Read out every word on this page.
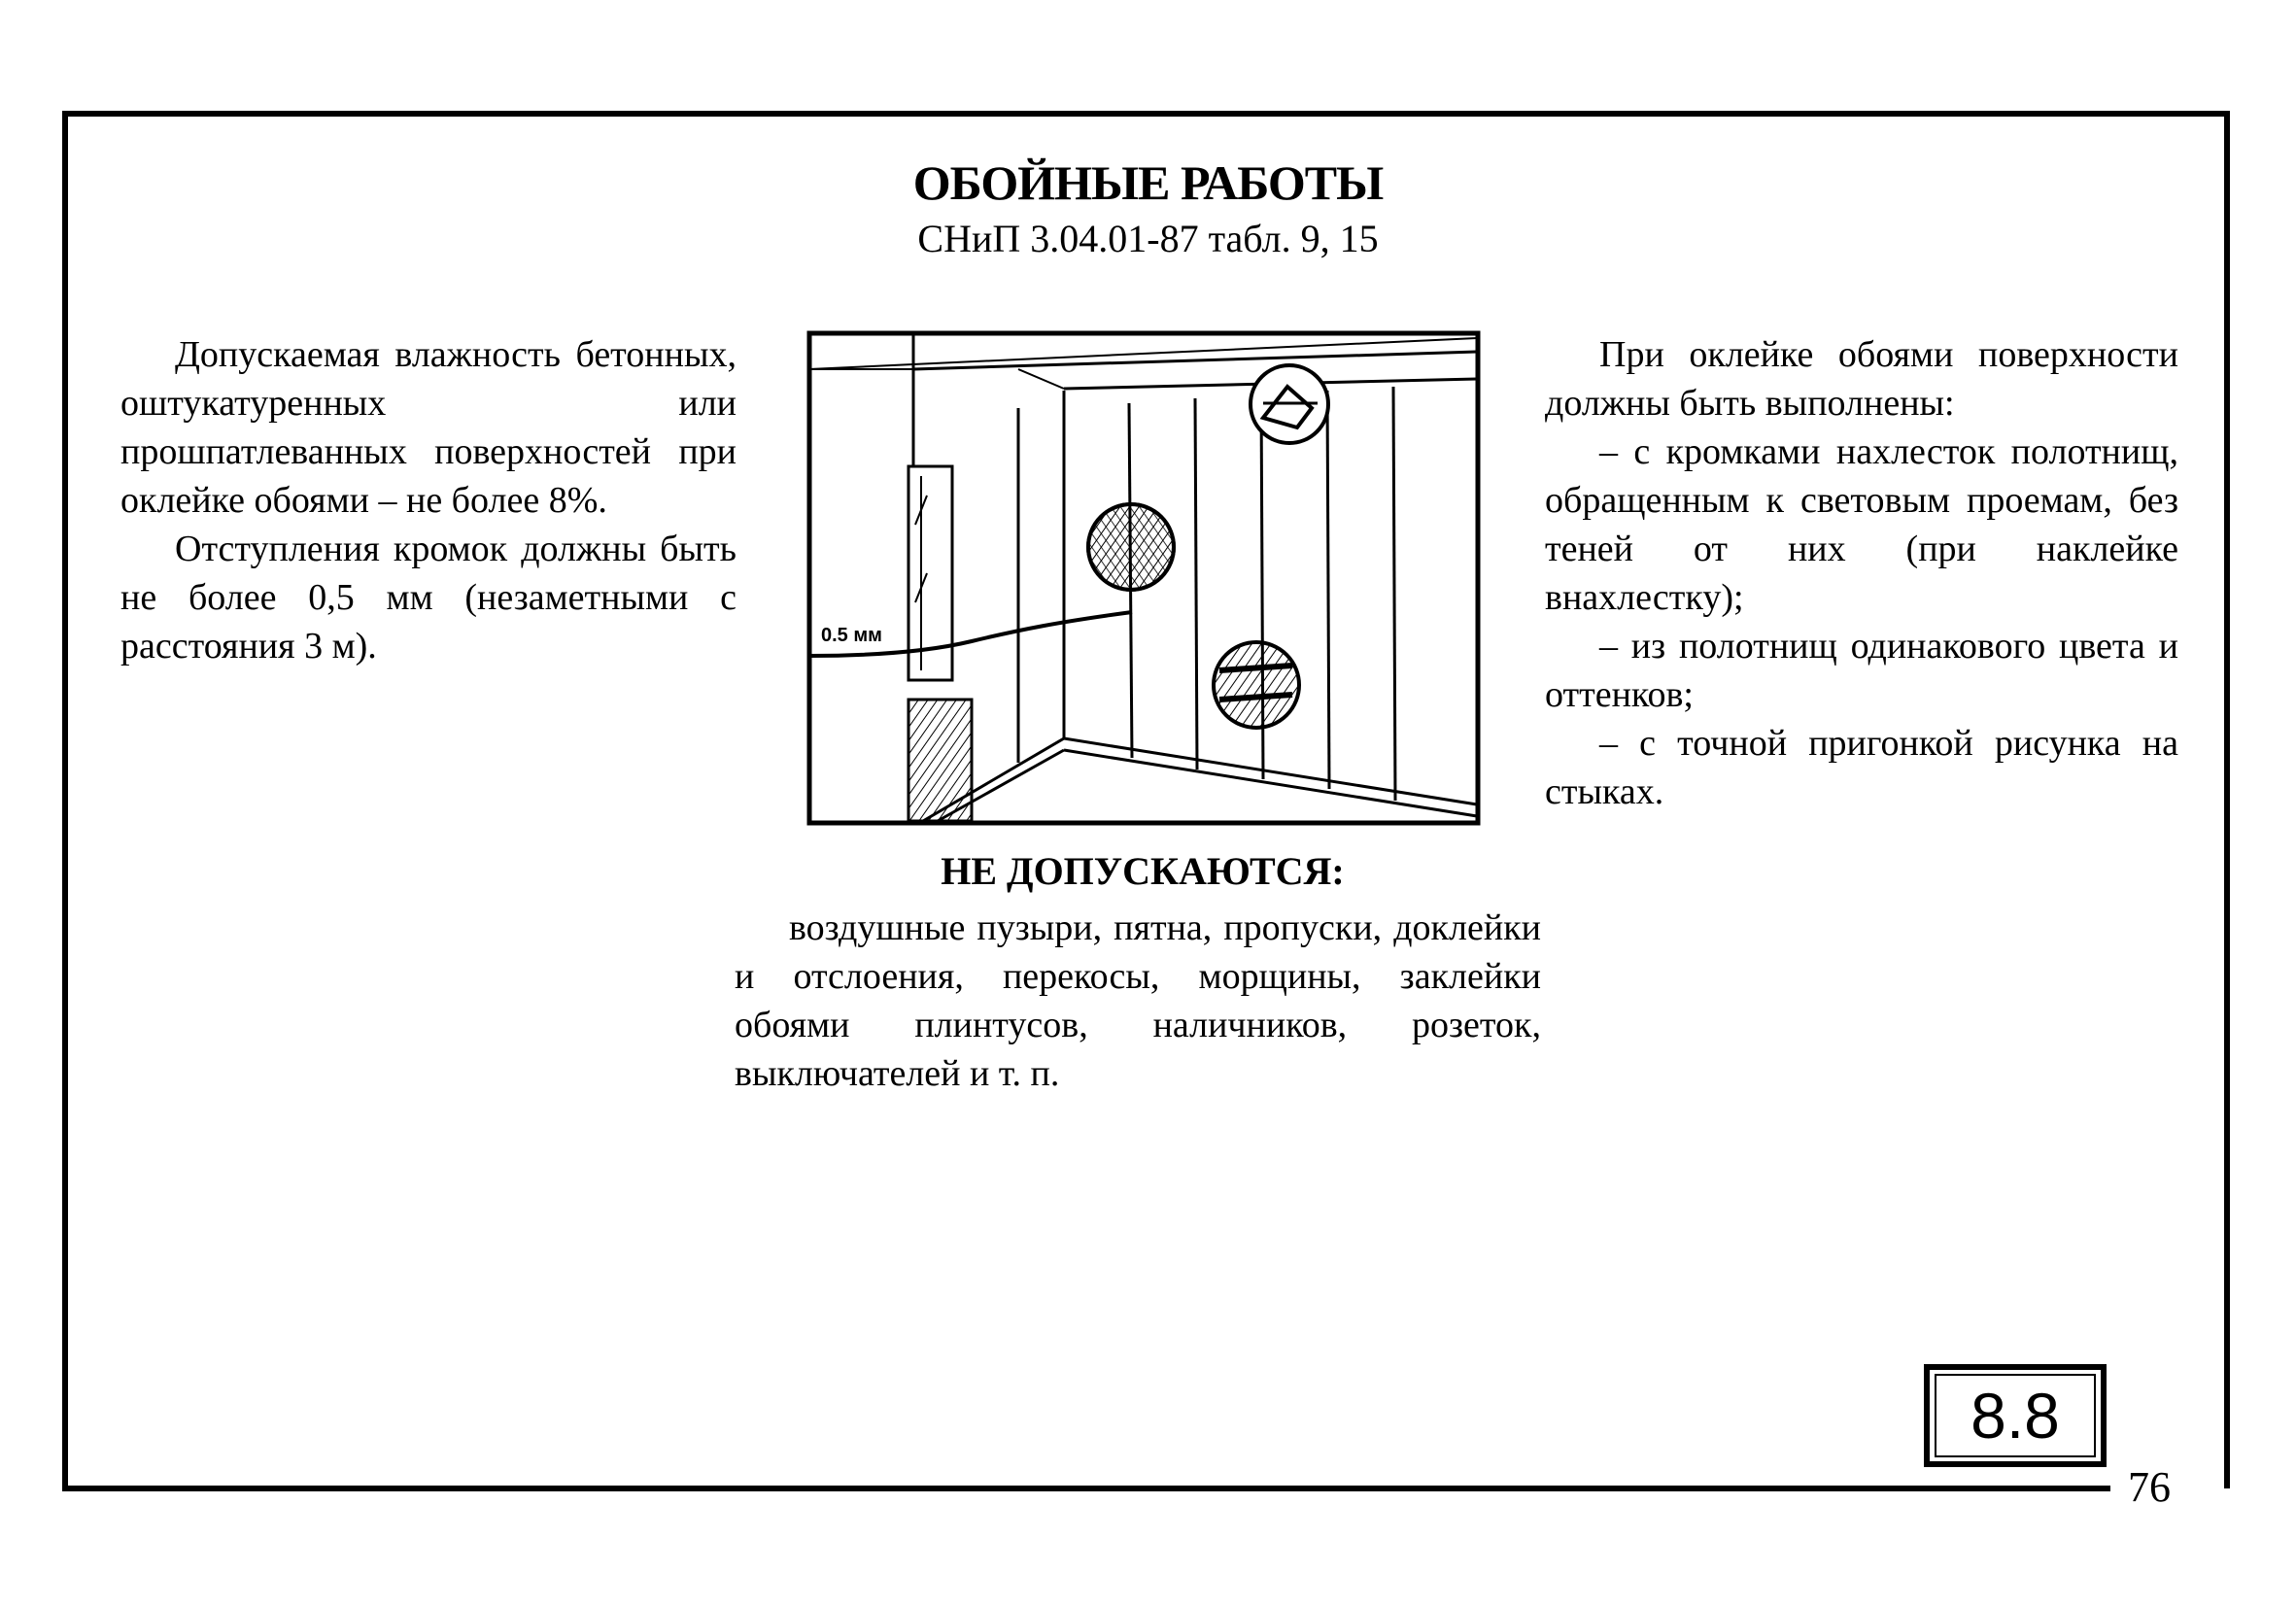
ОБОЙНЫЕ РАБОТЫ
СНиП 3.04.01-87 табл. 9, 15

Допускаемая влажность бетонных, оштукатуренных или прошпатлеванных поверхностей при оклейке обоями – не более 8%.

Отступления кромок должны быть не более 0,5 мм (незаметными с расстояния 3 м).	0.5 мм

При оклейке обоями поверхности должны быть выполнены:

– с кромками нахлесток полотнищ, обращенным к световым проемам, без теней от них (при наклейке внахлестку);

– из полотнищ одинакового цвета и оттенков;

– с точной пригонкой рисунка на стыках.

НЕ ДОПУСКАЮТСЯ:

воздушные пузыри, пятна, пропуски, доклейки и отслоения, перекосы, морщины, заклейки обоями плинтусов, наличников, розеток, выключателей и т. п.

8.8
76
